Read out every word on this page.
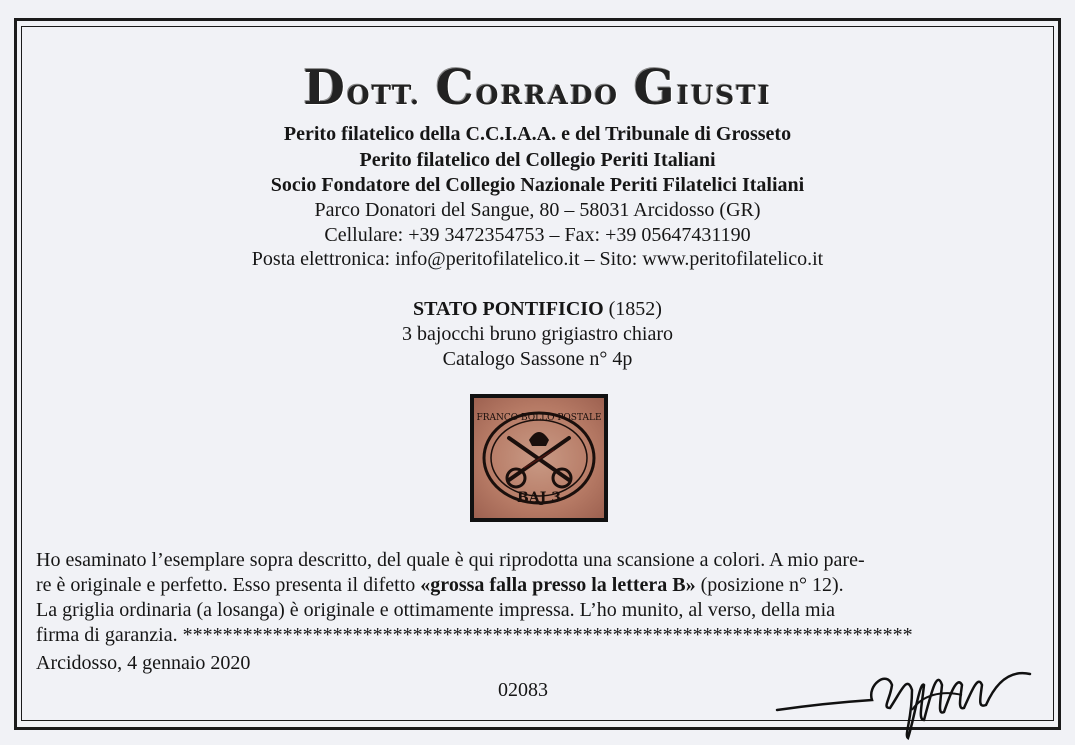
DOTT. CORRADO GIUSTI
Perito filatelico della C.C.I.A.A. e del Tribunale di Grosseto
Perito filatelico del Collegio Periti Italiani
Socio Fondatore del Collegio Nazionale Periti Filatelici Italiani
Parco Donatori del Sangue, 80 – 58031 Arcidosso (GR)
Cellulare: +39 3472354753 – Fax: +39 05647431190
Posta elettronica: info@peritofilatelico.it – Sito: www.peritofilatelico.it
STATO PONTIFICIO (1852)
3 bajocchi bruno grigiastro chiaro
Catalogo Sassone n° 4p
FRANCO BOLLO POSTALE
BAJ 3
Ho esaminato l’esemplare sopra descritto, del quale è qui riprodotta una scansione a colori. A mio pare-
re è originale e perfetto. Esso presenta il difetto «grossa falla presso la lettera B» (posizione n° 12).
La griglia ordinaria (a losanga) è originale e ottimamente impressa. L’ho munito, al verso, della mia
firma di garanzia. *************************************************************************
Arcidosso, 4 gennaio 2020
02083
